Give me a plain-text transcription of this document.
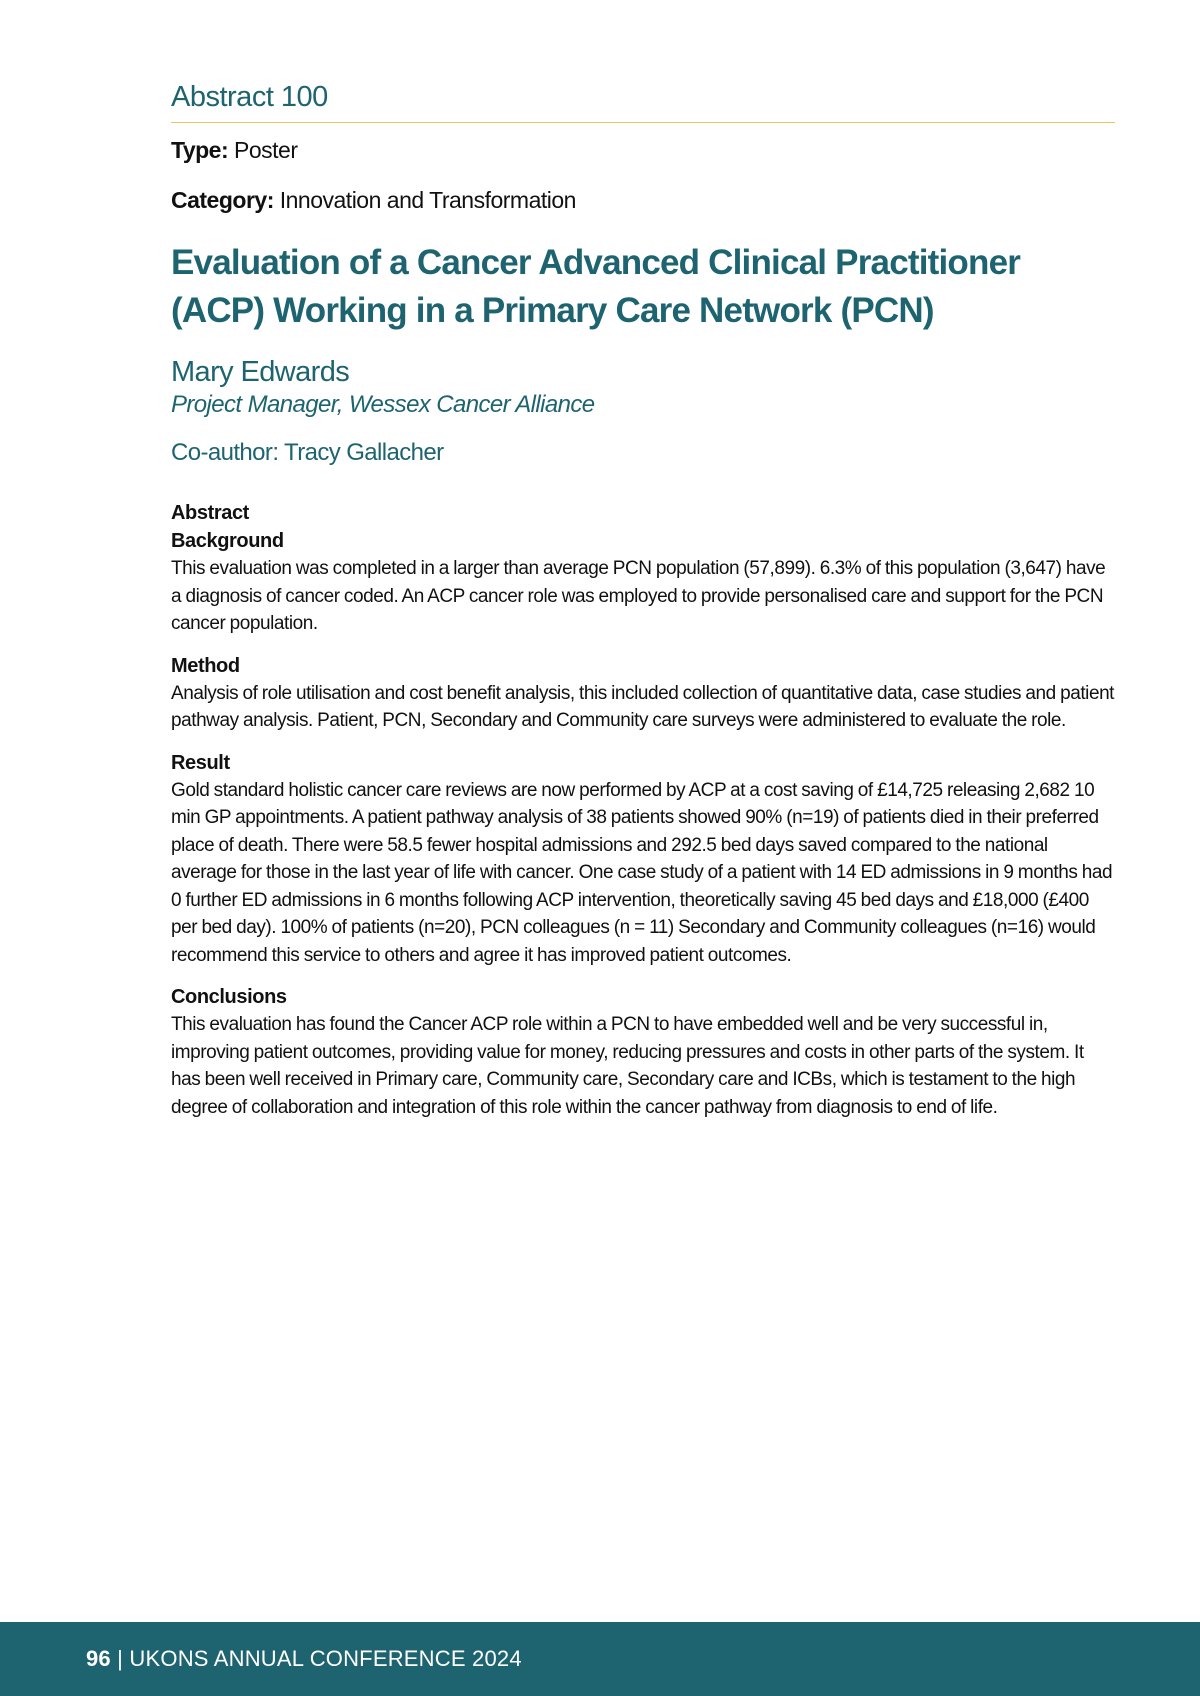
Abstract 100
Type: Poster
Category: Innovation and Transformation
Evaluation of a Cancer Advanced Clinical Practitioner (ACP) Working in a Primary Care Network (PCN)
Mary Edwards
Project Manager, Wessex Cancer Alliance
Co-author: Tracy Gallacher
Abstract
Background
This evaluation was completed in a larger than average PCN population (57,899). 6.3% of this population (3,647) have a diagnosis of cancer coded. An ACP cancer role was employed to provide personalised care and support for the PCN cancer population.
Method
Analysis of role utilisation and cost benefit analysis, this included collection of quantitative data, case studies and patient pathway analysis. Patient, PCN, Secondary and Community care surveys were administered to evaluate the role.
Result
Gold standard holistic cancer care reviews are now performed by ACP at a cost saving of £14,725 releasing 2,682 10 min GP appointments. A patient pathway analysis of 38 patients showed 90% (n=19) of patients died in their preferred place of death. There were 58.5 fewer hospital admissions and 292.5 bed days saved compared to the national average for those in the last year of life with cancer. One case study of a patient with 14 ED admissions in 9 months had 0 further ED admissions in 6 months following ACP intervention, theoretically saving 45 bed days and £18,000 (£400 per bed day). 100% of patients (n=20), PCN colleagues (n = 11) Secondary and Community colleagues (n=16) would recommend this service to others and agree it has improved patient outcomes.
Conclusions
This evaluation has found the Cancer ACP role within a PCN to have embedded well and be very successful in, improving patient outcomes, providing value for money, reducing pressures and costs in other parts of the system. It has been well received in Primary care, Community care, Secondary care and ICBs, which is testament to the high degree of collaboration and integration of this role within the cancer pathway from diagnosis to end of life.
96 | UKONS ANNUAL CONFERENCE 2024
